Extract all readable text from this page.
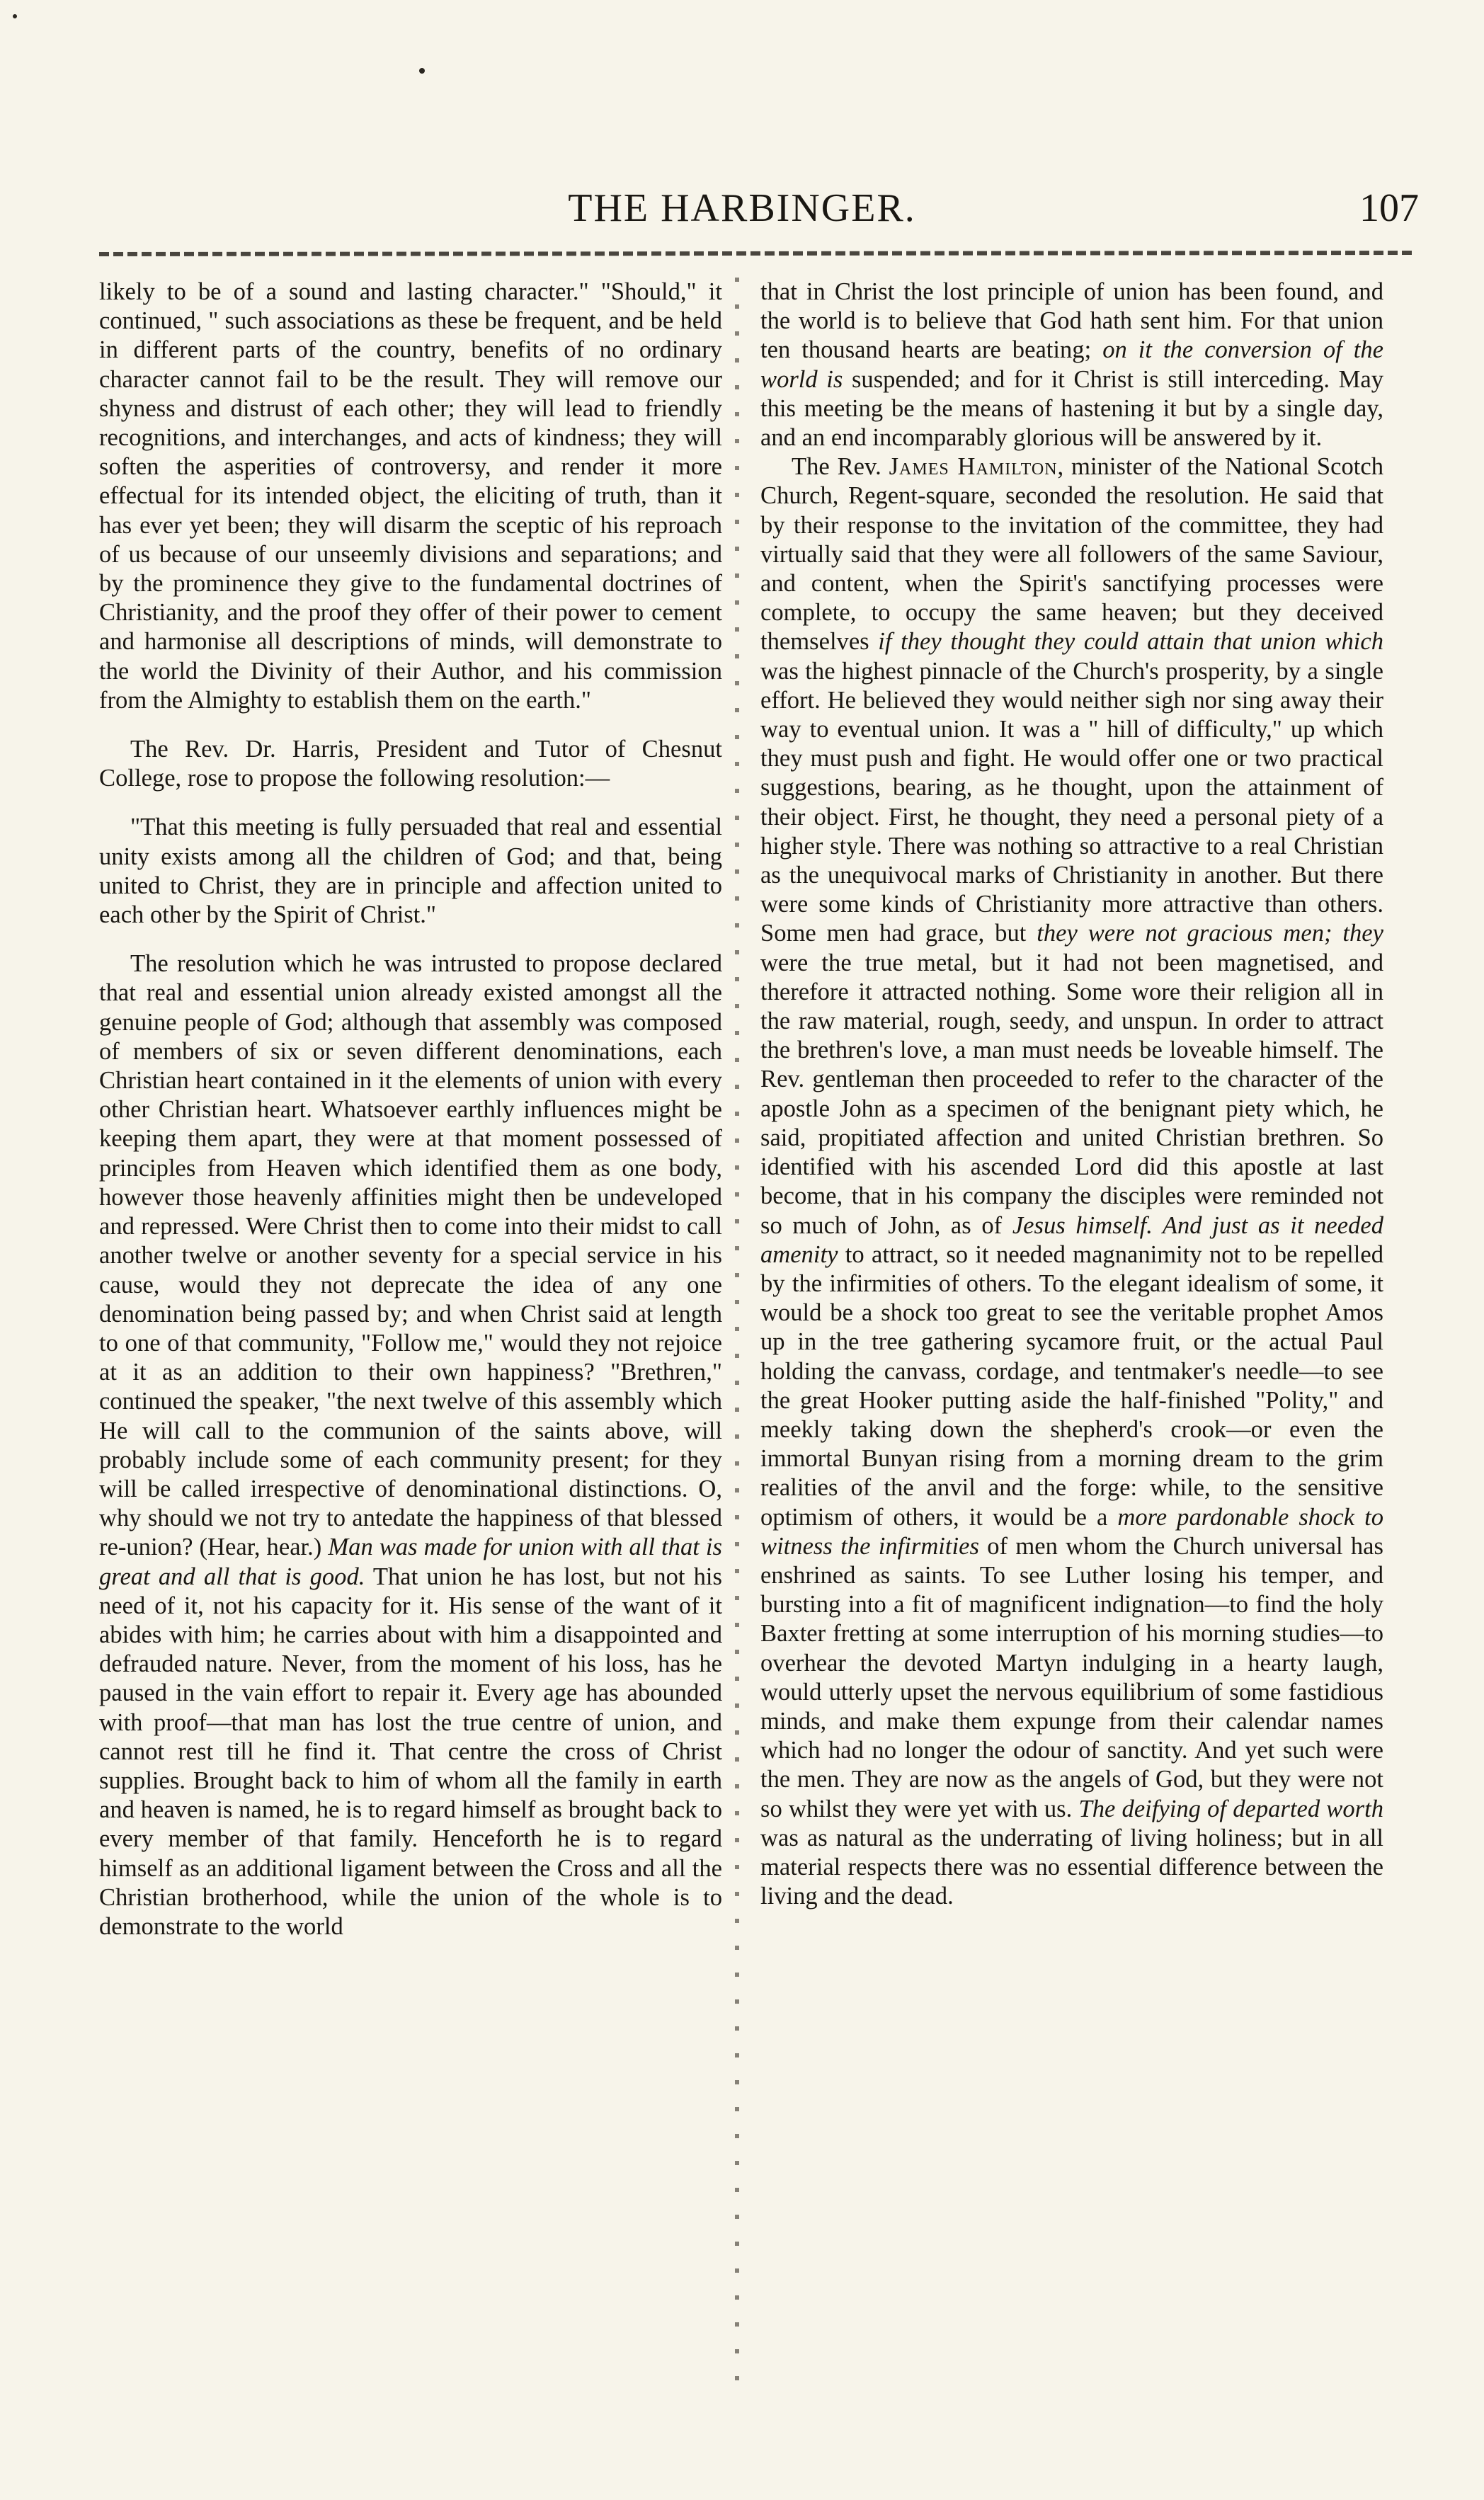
THE HARBINGER.	107

likely to be of a sound and lasting character." "Should," it continued, " such associations as these be frequent, and be held in different parts of the country, benefits of no ordinary character cannot fail to be the result. They will remove our shyness and distrust of each other; they will lead to friendly recognitions, and interchanges, and acts of kindness; they will soften the asperities of controversy, and render it more effectual for its intended object, the eliciting of truth, than it has ever yet been; they will disarm the sceptic of his reproach of us because of our unseemly divisions and separations; and by the prominence they give to the fundamental doctrines of Christianity, and the proof they offer of their power to cement and harmonise all descriptions of minds, will demonstrate to the world the Divinity of their Author, and his commission from the Almighty to establish them on the earth."

The Rev. Dr. Harris, President and Tutor of Chesnut College, rose to propose the following resolution:—

"That this meeting is fully persuaded that real and essential unity exists among all the children of God; and that, being united to Christ, they are in principle and affection united to each other by the Spirit of Christ."

The resolution which he was intrusted to propose declared that real and essential union already existed amongst all the genuine people of God; although that assembly was composed of members of six or seven different denominations, each Christian heart contained in it the elements of union with every other Christian heart. Whatsoever earthly influences might be keeping them apart, they were at that moment possessed of principles from Heaven which identified them as one body, however those heavenly affinities might then be undeveloped and repressed. Were Christ then to come into their midst to call another twelve or another seventy for a special service in his cause, would they not deprecate the idea of any one denomination being passed by; and when Christ said at length to one of that community, "Follow me," would they not rejoice at it as an addition to their own happiness? "Brethren," continued the speaker, "the next twelve of this assembly which He will call to the communion of the saints above, will probably include some of each community present; for they will be called irrespective of denominational distinctions. O, why should we not try to antedate the happiness of that blessed re-union? (Hear, hear.) Man was made for union with all that is great and all that is good. That union he has lost, but not his need of it, not his capacity for it. His sense of the want of it abides with him; he carries about with him a disappointed and defrauded nature. Never, from the moment of his loss, has he paused in the vain effort to repair it. Every age has abounded with proof—that man has lost the true centre of union, and cannot rest till he find it. That centre the cross of Christ supplies. Brought back to him of whom all the family in earth and heaven is named, he is to regard himself as brought back to every member of that family. Henceforth he is to regard himself as an additional ligament between the Cross and all the Christian brotherhood, while the union of the whole is to demonstrate to the world

that in Christ the lost principle of union has been found, and the world is to believe that God hath sent him. For that union ten thousand hearts are beating; on it the conversion of the world is suspended; and for it Christ is still interceding. May this meeting be the means of hastening it but by a single day, and an end incomparably glorious will be answered by it.

The Rev. James Hamilton, minister of the National Scotch Church, Regent-square, seconded the resolution. He said that by their response to the invitation of the committee, they had virtually said that they were all followers of the same Saviour, and content, when the Spirit's sanctifying processes were complete, to occupy the same heaven; but they deceived themselves if they thought they could attain that union which was the highest pinnacle of the Church's prosperity, by a single effort. He believed they would neither sigh nor sing away their way to eventual union. It was a " hill of difficulty," up which they must push and fight. He would offer one or two practical suggestions, bearing, as he thought, upon the attainment of their object. First, he thought, they need a personal piety of a higher style. There was nothing so attractive to a real Christian as the unequivocal marks of Christianity in another. But there were some kinds of Christianity more attractive than others. Some men had grace, but they were not gracious men; they were the true metal, but it had not been magnetised, and therefore it attracted nothing. Some wore their religion all in the raw material, rough, seedy, and unspun. In order to attract the brethren's love, a man must needs be loveable himself. The Rev. gentleman then proceeded to refer to the character of the apostle John as a specimen of the benignant piety which, he said, propitiated affection and united Christian brethren. So identified with his ascended Lord did this apostle at last become, that in his company the disciples were reminded not so much of John, as of Jesus himself. And just as it needed amenity to attract, so it needed magnanimity not to be repelled by the infirmities of others. To the elegant idealism of some, it would be a shock too great to see the veritable prophet Amos up in the tree gathering sycamore fruit, or the actual Paul holding the canvass, cordage, and tentmaker's needle—to see the great Hooker putting aside the half-finished "Polity," and meekly taking down the shepherd's crook—or even the immortal Bunyan rising from a morning dream to the grim realities of the anvil and the forge: while, to the sensitive optimism of others, it would be a more pardonable shock to witness the infirmities of men whom the Church universal has enshrined as saints. To see Luther losing his temper, and bursting into a fit of magnificent indignation—to find the holy Baxter fretting at some interruption of his morning studies—to overhear the devoted Martyn indulging in a hearty laugh, would utterly upset the nervous equilibrium of some fastidious minds, and make them expunge from their calendar names which had no longer the odour of sanctity. And yet such were the men. They are now as the angels of God, but they were not so whilst they were yet with us. The deifying of departed worth was as natural as the underrating of living holiness; but in all material respects there was no essential difference between the living and the dead.
